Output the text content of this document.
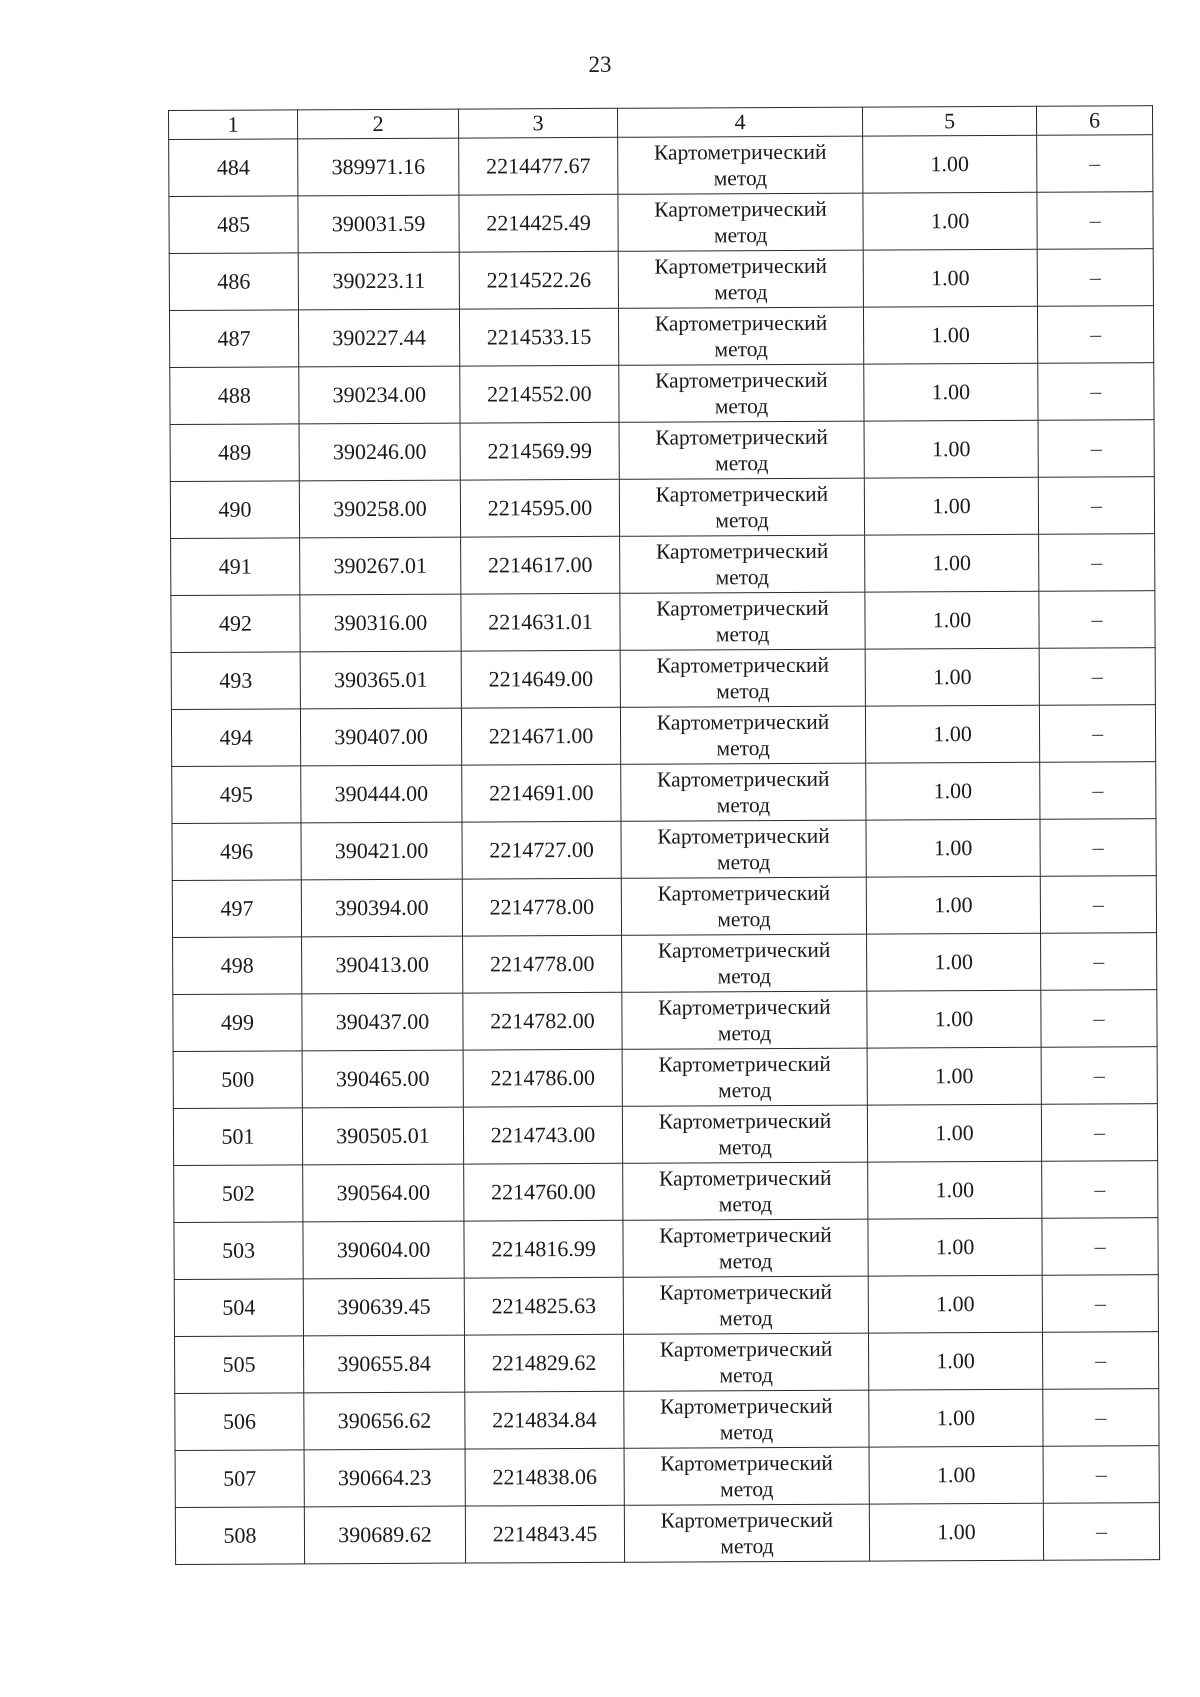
23
1	2	3	4	5	6
484	389971.16	2214477.67	Картометрический
метод	1.00	–
485	390031.59	2214425.49	Картометрический
метод	1.00	–
486	390223.11	2214522.26	Картометрический
метод	1.00	–
487	390227.44	2214533.15	Картометрический
метод	1.00	–
488	390234.00	2214552.00	Картометрический
метод	1.00	–
489	390246.00	2214569.99	Картометрический
метод	1.00	–
490	390258.00	2214595.00	Картометрический
метод	1.00	–
491	390267.01	2214617.00	Картометрический
метод	1.00	–
492	390316.00	2214631.01	Картометрический
метод	1.00	–
493	390365.01	2214649.00	Картометрический
метод	1.00	–
494	390407.00	2214671.00	Картометрический
метод	1.00	–
495	390444.00	2214691.00	Картометрический
метод	1.00	–
496	390421.00	2214727.00	Картометрический
метод	1.00	–
497	390394.00	2214778.00	Картометрический
метод	1.00	–
498	390413.00	2214778.00	Картометрический
метод	1.00	–
499	390437.00	2214782.00	Картометрический
метод	1.00	–
500	390465.00	2214786.00	Картометрический
метод	1.00	–
501	390505.01	2214743.00	Картометрический
метод	1.00	–
502	390564.00	2214760.00	Картометрический
метод	1.00	–
503	390604.00	2214816.99	Картометрический
метод	1.00	–
504	390639.45	2214825.63	Картометрический
метод	1.00	–
505	390655.84	2214829.62	Картометрический
метод	1.00	–
506	390656.62	2214834.84	Картометрический
метод	1.00	–
507	390664.23	2214838.06	Картометрический
метод	1.00	–
508	390689.62	2214843.45	Картометрический
метод	1.00	–
